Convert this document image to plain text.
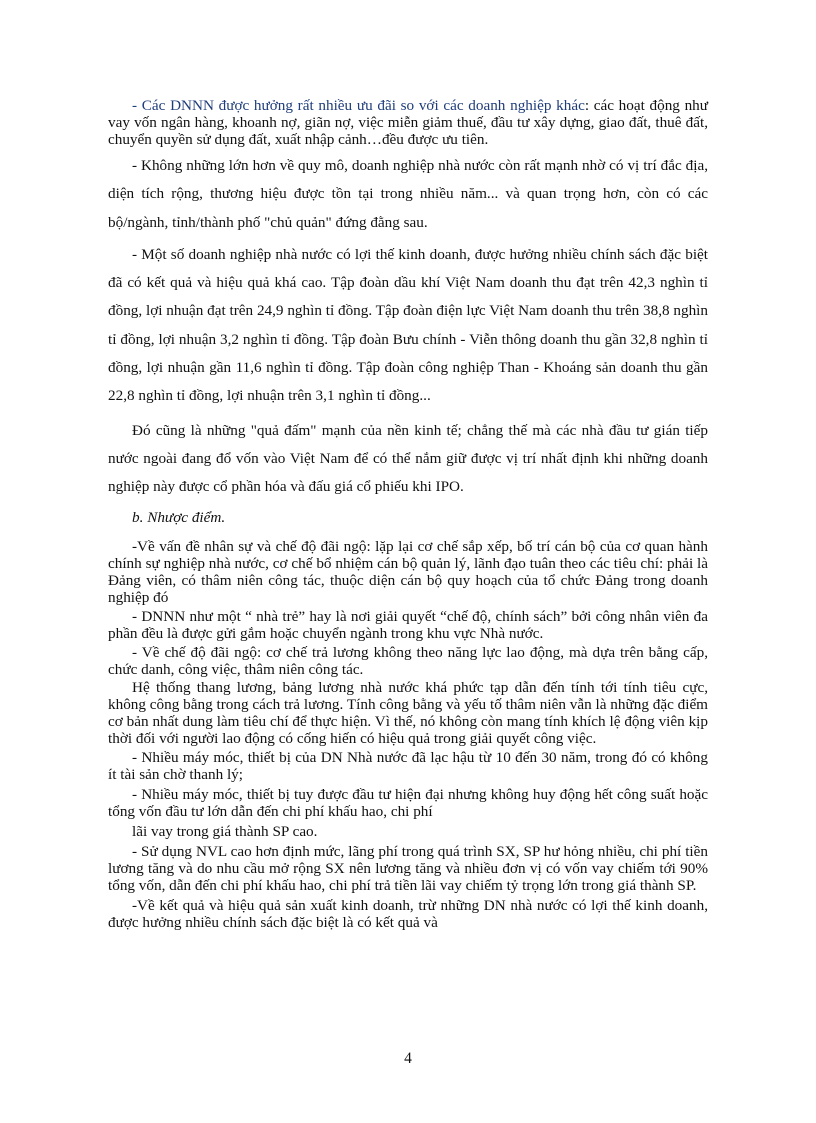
- Các DNNN được hưởng rất nhiều ưu đãi so với các doanh nghiệp khác: các hoạt động như vay vốn ngân hàng, khoanh nợ, giãn nợ, việc miễn giảm thuế, đầu tư xây dựng, giao đất, thuê đất, chuyển quyền sử dụng đất, xuất nhập cảnh…đều được ưu tiên.

- Không những lớn hơn về quy mô, doanh nghiệp nhà nước còn rất mạnh nhờ có vị trí đắc địa, diện tích rộng, thương hiệu được tồn tại trong nhiều năm... và quan trọng hơn, còn có các bộ/ngành, tỉnh/thành phố "chủ quản" đứng đằng sau.

- Một số doanh nghiệp nhà nước có lợi thế kinh doanh, được hưởng nhiều chính sách đặc biệt đã có kết quả và hiệu quả khá cao. Tập đoàn dầu khí Việt Nam doanh thu đạt trên 42,3 nghìn tỉ đồng, lợi nhuận đạt trên 24,9 nghìn tỉ đồng. Tập đoàn điện lực Việt Nam doanh thu trên 38,8 nghìn tỉ đồng, lợi nhuận 3,2 nghìn tỉ đồng. Tập đoàn Bưu chính - Viễn thông doanh thu gần 32,8 nghìn tỉ đồng, lợi nhuận gần 11,6 nghìn tỉ đồng. Tập đoàn công nghiệp Than - Khoáng sản doanh thu gần 22,8 nghìn tỉ đồng, lợi nhuận trên 3,1 nghìn tỉ đồng...

Đó cũng là những "quả đấm" mạnh của nền kinh tế; chẳng thế mà các nhà đầu tư gián tiếp nước ngoài đang đổ vốn vào Việt Nam để có thể nắm giữ được vị trí nhất định khi những doanh nghiệp này được cổ phần hóa và đấu giá cổ phiếu khi IPO.

b. Nhược điểm.

-Về vấn đề nhân sự và chế độ đãi ngộ: lặp lại cơ chế sắp xếp, bố trí cán bộ của cơ quan hành chính sự nghiệp nhà nước, cơ chế bổ nhiệm cán bộ quản lý, lãnh đạo tuân theo các tiêu chí: phải là Đảng viên, có thâm niên công tác, thuộc diện cán bộ quy hoạch của tổ chức Đảng trong doanh nghiệp đó

- DNNN như một “ nhà trẻ” hay là nơi giải quyết “chế độ, chính sách” bởi công nhân viên đa phần đều là được gửi gắm hoặc chuyển ngành trong khu vực Nhà nước.

- Về chế độ đãi ngộ: cơ chế trả lương không theo năng lực lao động, mà dựa trên bằng cấp, chức danh, công việc, thâm niên công tác.

Hệ thống thang lương, bảng lương nhà nước khá phức tạp dẫn đến tính tới tính tiêu cực, không công bằng trong cách trả lương. Tính công bằng và yếu tố thâm niên vẫn là những đặc điểm cơ bản nhất dung làm tiêu chí để thực hiện. Vì thế, nó không còn mang tính khích lệ động viên kịp thời đối với người lao động có cống hiến có hiệu quả trong giải quyết công việc.

- Nhiều máy móc, thiết bị của DN Nhà nước đã lạc hậu từ 10 đến 30 năm, trong đó có không ít tài sản chờ thanh lý;

- Nhiều máy móc, thiết bị tuy được đầu tư hiện đại nhưng không huy động hết công suất hoặc tổng vốn đầu tư lớn dẫn đến chi phí khấu hao, chi phí

lãi vay trong giá thành SP cao.

- Sử dụng NVL cao hơn định mức, lãng phí trong quá trình SX, SP hư hỏng nhiều, chi phí tiền lương tăng và do nhu cầu mở rộng SX nên lương tăng và nhiều đơn vị có vốn vay chiếm tới 90% tổng vốn, dẫn đến chi phí khấu hao, chi phí trả tiền lãi vay chiếm tỷ trọng lớn trong giá thành SP.

-Về kết quả và hiệu quả sản xuất kinh doanh, trừ những DN nhà nước có lợi thế kinh doanh, được hưởng nhiều chính sách đặc biệt là có kết quả và

4
